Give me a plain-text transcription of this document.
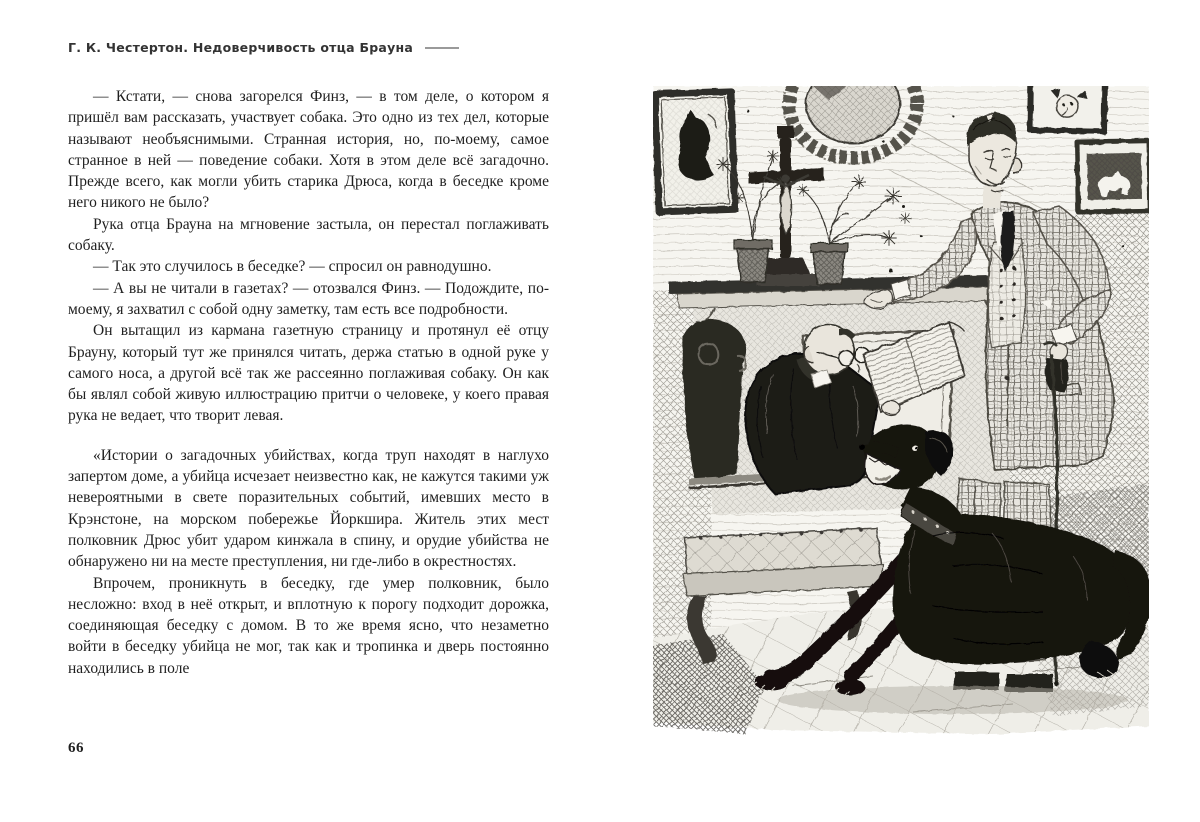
Г. К. Честертон. Недоверчивость отца Брауна

— Кстати, — снова загорелся Финз, — в том деле, о котором я пришёл вам рассказать, участвует собака. Это одно из тех дел, которые называют необъяснимыми. Странная история, но, по-моему, самое странное в ней — поведение собаки. Хотя в этом деле всё загадочно. Прежде всего, как могли убить старика Дрюса, когда в беседке кроме него никого не было?

Рука отца Брауна на мгновение застыла, он перестал поглаживать собаку.

— Так это случилось в беседке? — спросил он равнодушно.

— А вы не читали в газетах? — отозвался Финз. — Подождите, по-моему, я захватил с собой одну заметку, там есть все подробности.

Он вытащил из кармана газетную страницу и протянул её отцу Брауну, который тут же принялся читать, держа статью в одной руке у самого носа, а другой всё так же рассеянно поглаживая собаку. Он как бы являл собой живую иллюстрацию притчи о человеке, у коего правая рука не ведает, что творит левая.

«Истории о загадочных убийствах, когда труп находят в наглухо запертом доме, а убийца исчезает неизвестно как, не кажутся такими уж невероятными в свете поразительных событий, имевших место в Крэнстоне, на морском побережье Йоркшира. Житель этих мест полковник Дрюс убит ударом кинжала в спину, и орудие убийства не обнаружено ни на месте преступления, ни где-либо в окрестностях.

Впрочем, проникнуть в беседку, где умер полковник, было несложно: вход в неё открыт, и вплотную к порогу подходит дорожка, соединяющая беседку с домом. В то же время ясно, что незаметно войти в беседку убийца не мог, так как и тропинка и дверь постоянно находились в поле

66
